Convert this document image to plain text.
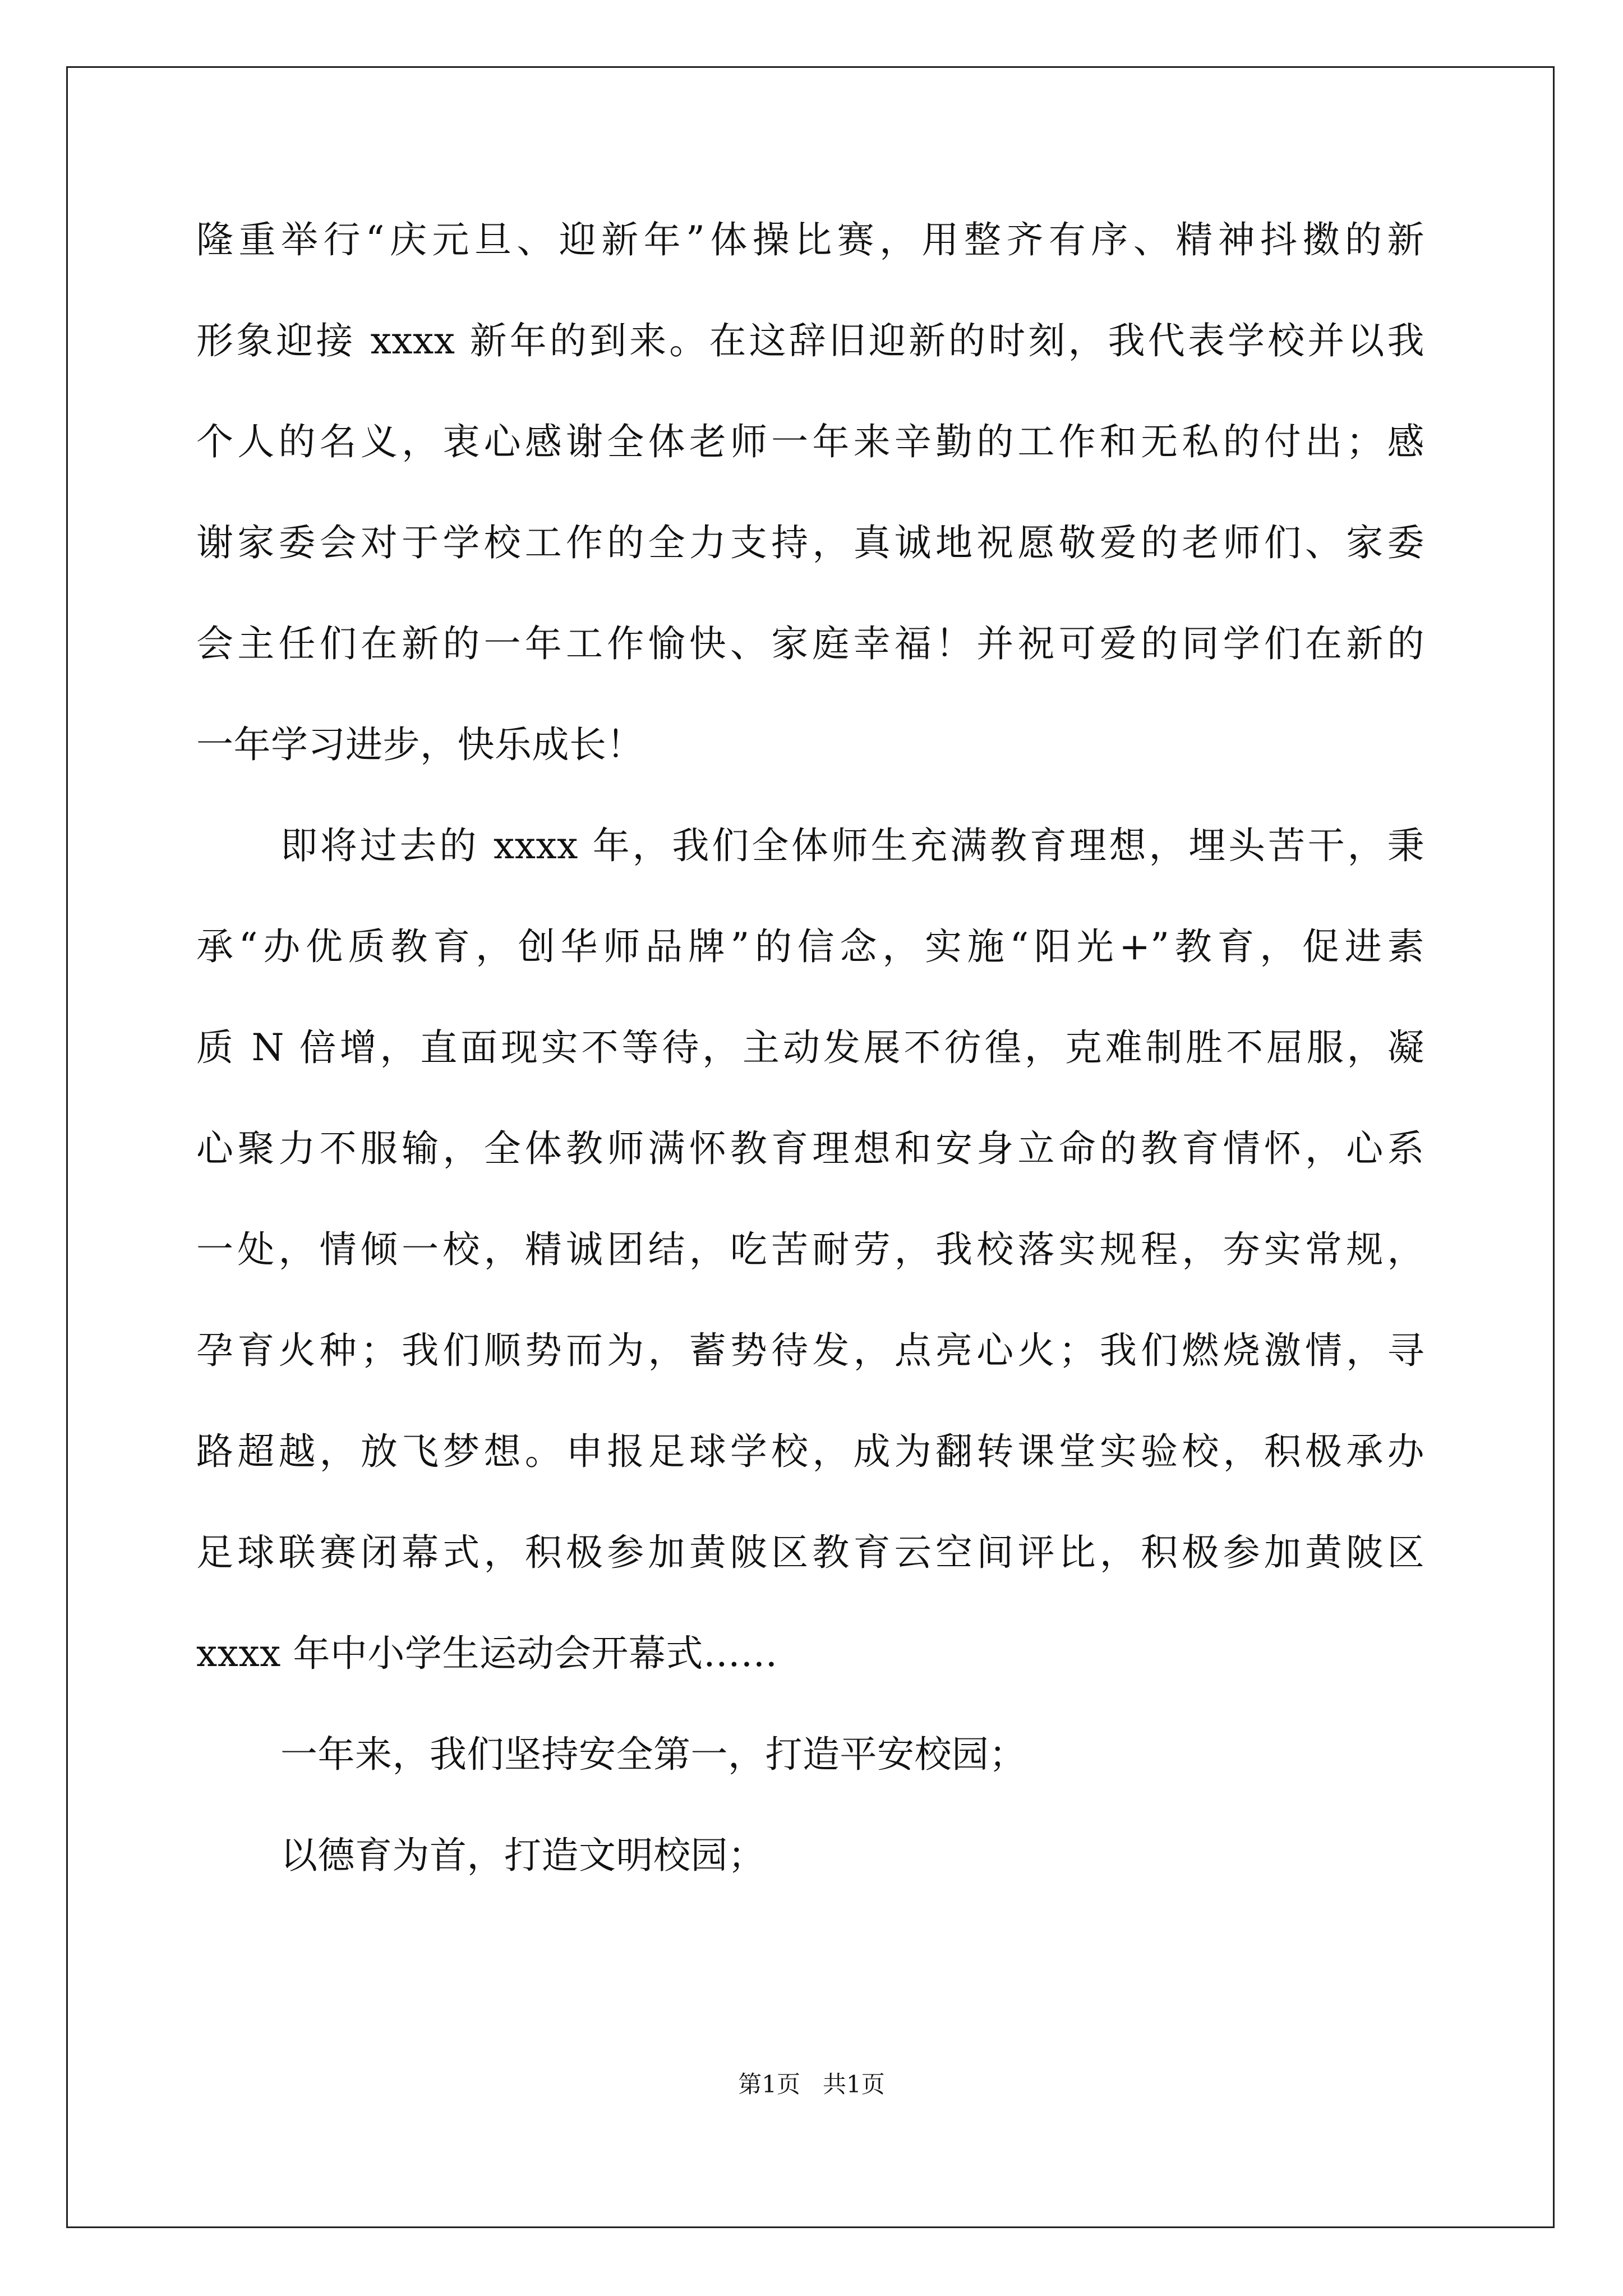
隆重举行“庆元旦、迎新年”体操比赛，用整齐有序、精神抖擞的新
形象迎接 xxxx 新年的到来。在这辞旧迎新的时刻，我代表学校并以我
个人的名义，衷心感谢全体老师一年来辛勤的工作和无私的付出；感
谢家委会对于学校工作的全力支持，真诚地祝愿敬爱的老师们、家委
会主任们在新的一年工作愉快、家庭幸福！并祝可爱的同学们在新的
一年学习进步，快乐成长！
即将过去的 xxxx 年，我们全体师生充满教育理想，埋头苦干，秉
承“办优质教育，创华师品牌”的信念，实施“阳光+”教育，促进素
质 N 倍增，直面现实不等待，主动发展不彷徨，克难制胜不屈服，凝
心聚力不服输，全体教师满怀教育理想和安身立命的教育情怀，心系
一处，情倾一校，精诚团结，吃苦耐劳，我校落实规程，夯实常规，
孕育火种；我们顺势而为，蓄势待发，点亮心火；我们燃烧激情，寻
路超越，放飞梦想。申报足球学校，成为翻转课堂实验校，积极承办
足球联赛闭幕式，积极参加黄陂区教育云空间评比，积极参加黄陂区
xxxx 年中小学生运动会开幕式……
一年来，我们坚持安全第一，打造平安校园；
以德育为首，打造文明校园；
第1页   共1页
